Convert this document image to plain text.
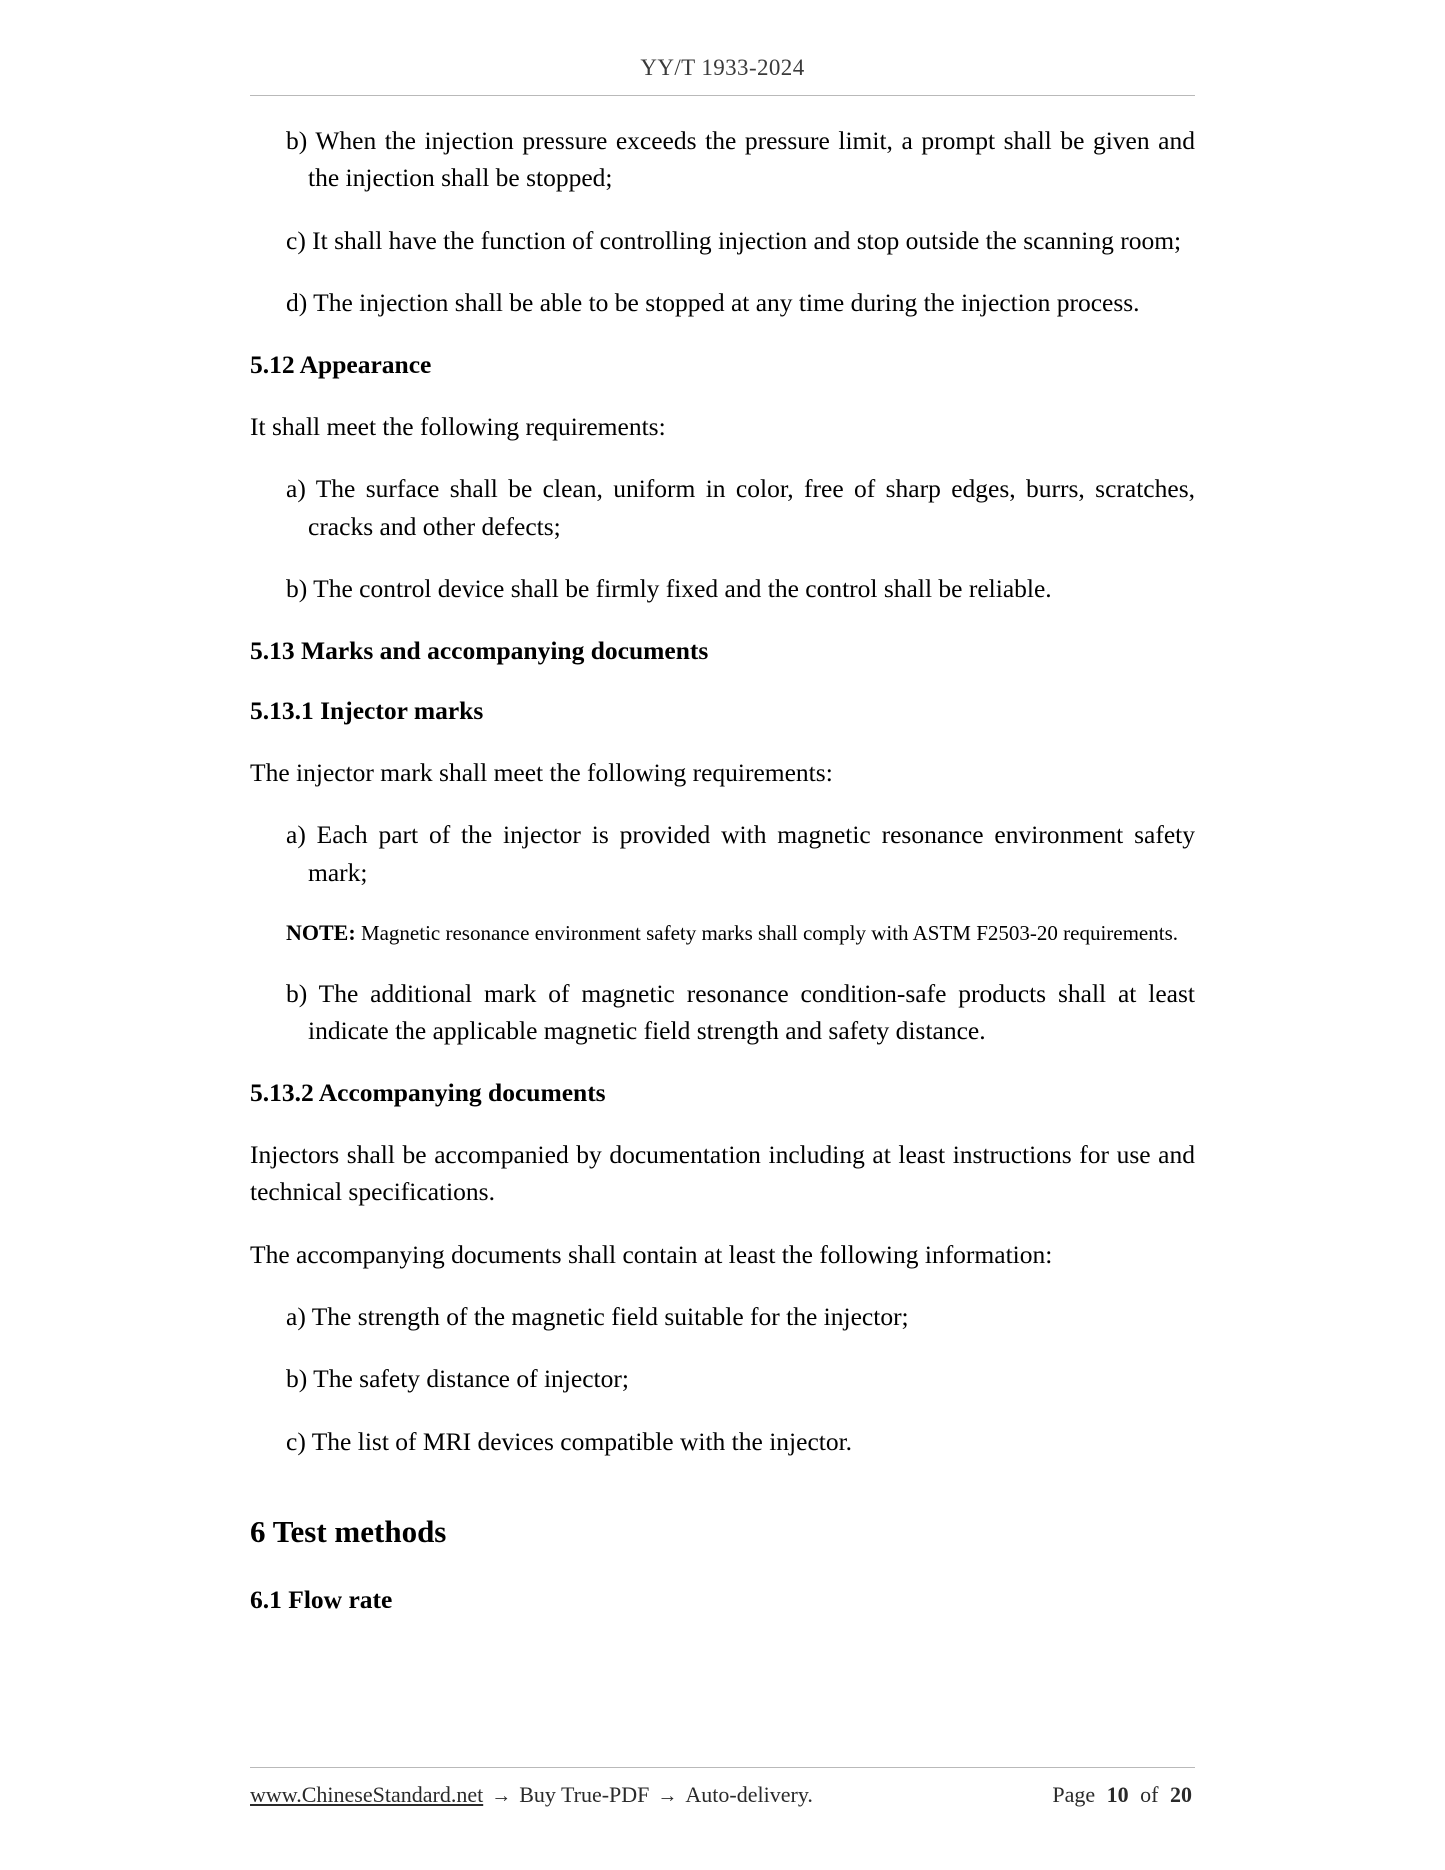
YY/T 1933-2024
b) When the injection pressure exceeds the pressure limit, a prompt shall be given and the injection shall be stopped;
c) It shall have the function of controlling injection and stop outside the scanning room;
d) The injection shall be able to be stopped at any time during the injection process.
5.12 Appearance

It shall meet the following requirements:

a) The surface shall be clean, uniform in color, free of sharp edges, burrs, scratches, cracks and other defects;
b) The control device shall be firmly fixed and the control shall be reliable.
5.13 Marks and accompanying documents
5.13.1 Injector marks

The injector mark shall meet the following requirements:

a) Each part of the injector is provided with magnetic resonance environment safety mark;
NOTE: Magnetic resonance environment safety marks shall comply with ASTM F2503-20 requirements.
b) The additional mark of magnetic resonance condition-safe products shall at least indicate the applicable magnetic field strength and safety distance.
5.13.2 Accompanying documents

Injectors shall be accompanied by documentation including at least instructions for use and technical specifications.

The accompanying documents shall contain at least the following information:

a) The strength of the magnetic field suitable for the injector;
b) The safety distance of injector;
c) The list of MRI devices compatible with the injector.
6 Test methods
6.1 Flow rate
www.ChineseStandard.net → Buy True-PDF → Auto-delivery.	Page 10 of 20
